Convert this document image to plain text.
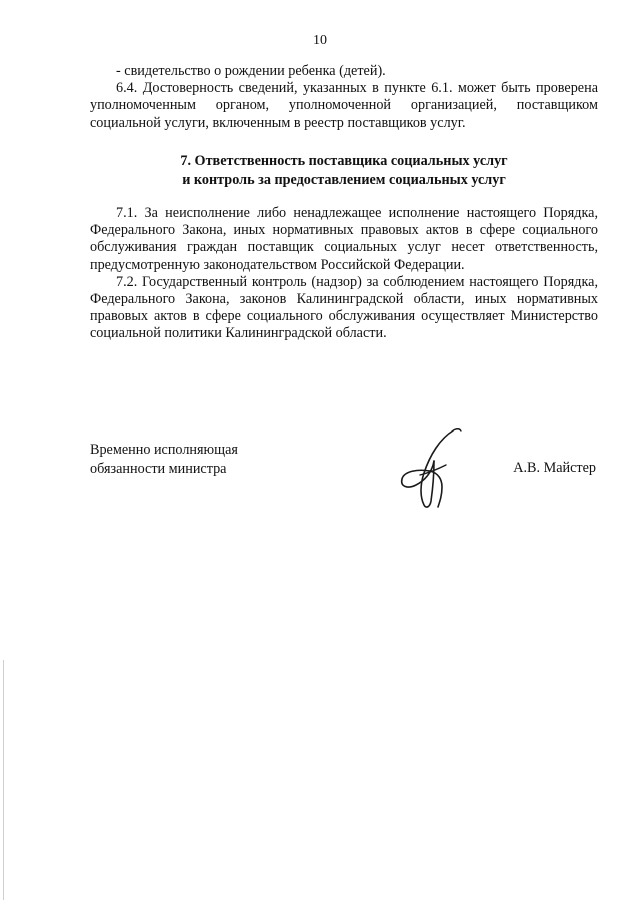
10

- свидетельство о рождении ребенка (детей).

6.4. Достоверность сведений, указанных в пункте 6.1. может быть проверена уполномоченным органом, уполномоченной организацией, поставщиком социальной услуги, включенным в реестр поставщиков услуг.

7. Ответственность поставщика социальных услуг
и контроль за предоставлением социальных услуг

7.1. За неисполнение либо ненадлежащее исполнение настоящего Порядка, Федерального Закона, иных нормативных правовых актов в сфере социального обслуживания граждан поставщик социальных услуг несет ответственность, предусмотренную законодательством Российской Федерации.

7.2. Государственный контроль (надзор) за соблюдением настоящего Порядка, Федерального Закона, законов Калининградской области, иных нормативных правовых актов в сфере социального обслуживания осуществляет Министерство социальной политики Калининградской области.

Временно исполняющая
обязанности министра	А.В. Майстер
